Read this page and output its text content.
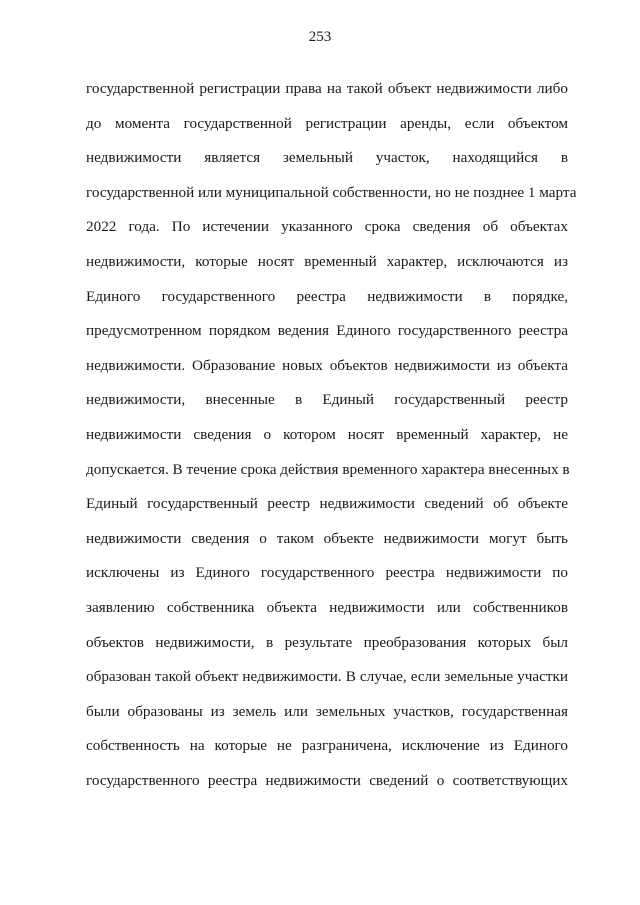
253
государственной регистрации права на такой объект недвижимости либо
до момента государственной регистрации аренды, если объектом
недвижимости является земельный участок, находящийся в
государственной или муниципальной собственности, но не позднее 1 марта
2022 года. По истечении указанного срока сведения об объектах
недвижимости, которые носят временный характер, исключаются из
Единого государственного реестра недвижимости в порядке,
предусмотренном порядком ведения Единого государственного реестра
недвижимости. Образование новых объектов недвижимости из объекта
недвижимости, внесенные в Единый государственный реестр
недвижимости сведения о котором носят временный характер, не
допускается. В течение срока действия временного характера внесенных в
Единый государственный реестр недвижимости сведений об объекте
недвижимости сведения о таком объекте недвижимости могут быть
исключены из Единого государственного реестра недвижимости по
заявлению собственника объекта недвижимости или собственников
объектов недвижимости, в результате преобразования которых был
образован такой объект недвижимости. В случае, если земельные участки
были образованы из земель или земельных участков, государственная
собственность на которые не разграничена, исключение из Единого
государственного реестра недвижимости сведений о соответствующих
